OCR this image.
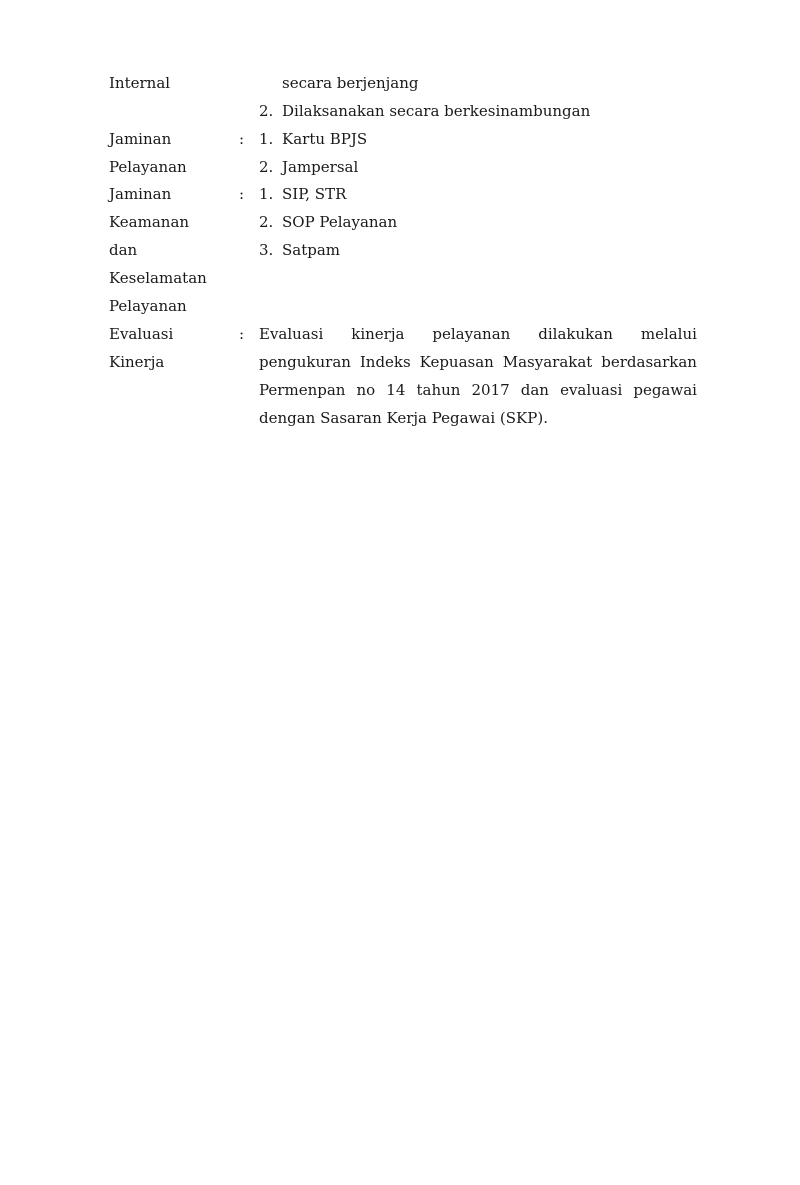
Internal	secara berjenjang
2. Dilaksanakan secara berkesinambungan
Jaminan
Pelayanan
: 1. Kartu BPJS
2. Jampersal
Jaminan
Keamanan
dan
Keselamatan
Pelayanan
: 1. SIP, STR
2. SOP Pelayanan
3. Satpam
Evaluasi
Kinerja
: Evaluasi kinerja pelayanan dilakukan melalui
pengukuran Indeks Kepuasan Masyarakat berdasarkan
Permenpan no 14 tahun 2017 dan evaluasi pegawai
dengan Sasaran Kerja Pegawai (SKP).
